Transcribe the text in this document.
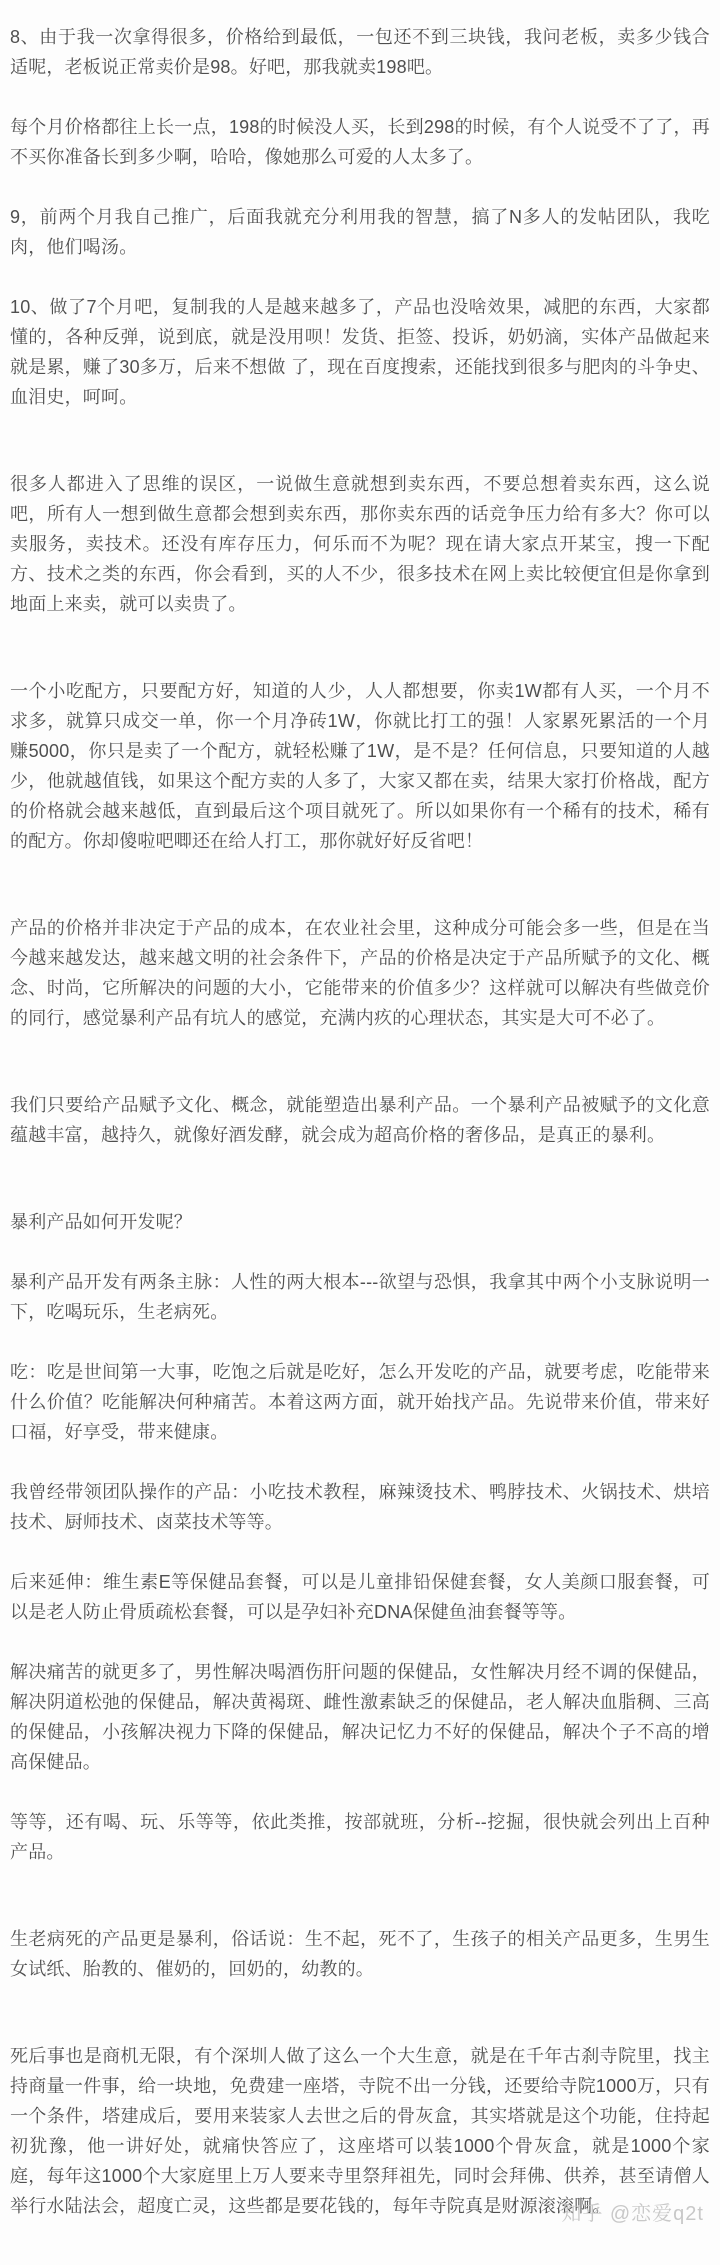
8、由于我一次拿得很多，价格给到最低，一包还不到三块钱，我问老板，卖多少钱合适呢，老板说正常卖价是98。好吧，那我就卖198吧。

每个月价格都往上长一点，198的时候没人买，长到298的时候，有个人说受不了了，再不买你准备长到多少啊，哈哈，像她那么可爱的人太多了。

9，前两个月我自己推广，后面我就充分利用我的智慧，搞了N多人的发帖团队，我吃肉，他们喝汤。

10、做了7个月吧，复制我的人是越来越多了，产品也没啥效果，减肥的东西，大家都懂的，各种反弹，说到底，就是没用呗！发货、拒签、投诉，奶奶滴，实体产品做起来就是累，赚了30多万，后来不想做 了，现在百度搜索，还能找到很多与肥肉的斗争史、血泪史，呵呵。

很多人都进入了思维的误区，一说做生意就想到卖东西，不要总想着卖东西，这么说吧，所有人一想到做生意都会想到卖东西，那你卖东西的话竞争压力给有多大？你可以卖服务，卖技术。还没有库存压力，何乐而不为呢？现在请大家点开某宝，搜一下配方、技术之类的东西，你会看到，买的人不少，很多技术在网上卖比较便宜但是你拿到地面上来卖，就可以卖贵了。

一个小吃配方，只要配方好，知道的人少，人人都想要，你卖1W都有人买，一个月不求多，就算只成交一单，你一个月净砖1W，你就比打工的强！人家累死累活的一个月赚5000，你只是卖了一个配方，就轻松赚了1W，是不是？任何信息，只要知道的人越少，他就越值钱，如果这个配方卖的人多了，大家又都在卖，结果大家打价格战，配方的价格就会越来越低，直到最后这个项目就死了。所以如果你有一个稀有的技术，稀有的配方。你却傻啦吧唧还在给人打工，那你就好好反省吧！

产品的价格并非决定于产品的成本，在农业社会里，这种成分可能会多一些，但是在当今越来越发达，越来越文明的社会条件下，产品的价格是决定于产品所赋予的文化、概念、时尚，它所解决的问题的大小，它能带来的价值多少？这样就可以解决有些做竞价的同行，感觉暴利产品有坑人的感觉，充满内疚的心理状态，其实是大可不必了。

我们只要给产品赋予文化、概念，就能塑造出暴利产品。一个暴利产品被赋予的文化意蕴越丰富，越持久，就像好酒发酵，就会成为超高价格的奢侈品，是真正的暴利。

暴利产品如何开发呢？

暴利产品开发有两条主脉：人性的两大根本---欲望与恐惧，我拿其中两个小支脉说明一下，吃喝玩乐，生老病死。

吃：吃是世间第一大事，吃饱之后就是吃好，怎么开发吃的产品，就要考虑，吃能带来什么价值？吃能解决何种痛苦。本着这两方面，就开始找产品。先说带来价值，带来好口福，好享受，带来健康。

我曾经带领团队操作的产品：小吃技术教程，麻辣烫技术、鸭脖技术、火锅技术、烘培技术、厨师技术、卤菜技术等等。

后来延伸：维生素E等保健品套餐，可以是儿童排铅保健套餐，女人美颜口服套餐，可以是老人防止骨质疏松套餐，可以是孕妇补充DNA保健鱼油套餐等等。

解决痛苦的就更多了，男性解决喝酒伤肝问题的保健品，女性解决月经不调的保健品，解决阴道松弛的保健品，解决黄褐斑、雌性激素缺乏的保健品，老人解决血脂稠、三高的保健品，小孩解决视力下降的保健品，解决记忆力不好的保健品，解决个子不高的增高保健品。

等等，还有喝、玩、乐等等，依此类推，按部就班，分析--挖掘，很快就会列出上百种产品。

生老病死的产品更是暴利，俗话说：生不起，死不了，生孩子的相关产品更多，生男生女试纸、胎教的、催奶的，回奶的，幼教的。

死后事也是商机无限，有个深圳人做了这么一个大生意，就是在千年古刹寺院里，找主持商量一件事，给一块地，免费建一座塔，寺院不出一分钱，还要给寺院1000万，只有一个条件，塔建成后，要用来装家人去世之后的骨灰盒，其实塔就是这个功能，住持起初犹豫，他一讲好处，就痛快答应了，这座塔可以装1000个骨灰盒，就是1000个家庭，每年这1000个大家庭里上万人要来寺里祭拜祖先，同时会拜佛、供养，甚至请僧人举行水陆法会，超度亡灵，这些都是要花钱的，每年寺院真是财源滚滚啊。

知乎 @恋爱q2t
